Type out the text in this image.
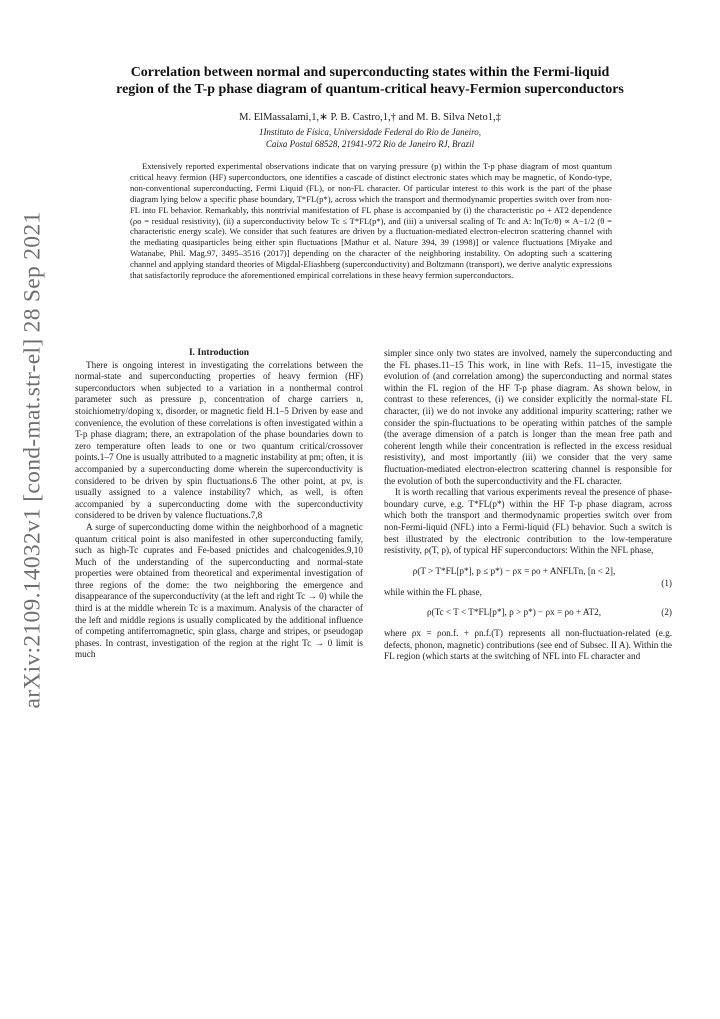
arXiv:2109.14032v1 [cond-mat.str-el] 28 Sep 2021
Correlation between normal and superconducting states within the Fermi-liquid
region of the T-p phase diagram of quantum-critical heavy-Fermion superconductors
M. ElMassalami,1,∗ P. B. Castro,1,† and M. B. Silva Neto1,‡
1Instituto de Física, Universidade Federal do Rio de Janeiro,
Caixa Postal 68528, 21941-972 Rio de Janeiro RJ, Brazil

Extensively reported experimental observations indicate that on varying pressure (p) within the T-p phase diagram of most quantum critical heavy fermion (HF) superconductors, one identifies a cascade of distinct electronic states which may be magnetic, of Kondo-type, non-conventional superconducting, Fermi Liquid (FL), or non-FL character. Of particular interest to this work is the part of the phase diagram lying below a specific phase boundary, T*FL(p*), across which the transport and thermodynamic properties switch over from non-FL into FL behavior. Remarkably, this nontrivial manifestation of FL phase is accompanied by (i) the characteristic ρo + AT2 dependence (ρo = residual resistivity), (ii) a superconductivity below Tc ≤ T*FL(p*), and (iii) a universal scaling of Tc and A: ln(Tc/θ) ∝ A−1/2 (θ = characteristic energy scale). We consider that such features are driven by a fluctuation-mediated electron-electron scattering channel with the mediating quasiparticles being either spin fluctuations [Mathur et al. Nature 394, 39 (1998)] or valence fluctuations [Miyake and Watanabe, Phil. Mag.97, 3495–3516 (2017)] depending on the character of the neighboring instability. On adopting such a scattering channel and applying standard theories of Migdal-Eliashberg (superconductivity) and Boltzmann (transport), we derive analytic expressions that satisfactorily reproduce the aforementioned empirical correlations in these heavy fermion superconductors.

I. Introduction

There is ongoing interest in investigating the correlations between the normal-state and superconducting properties of heavy fermion (HF) superconductors when subjected to a variation in a nonthermal control parameter such as pressure p, concentration of charge carriers n, stoichiometry/doping x, disorder, or magnetic field H.1–5 Driven by ease and convenience, the evolution of these correlations is often investigated within a T-p phase diagram; there, an extrapolation of the phase boundaries down to zero temperature often leads to one or two quantum critical/crossover points.1–7 One is usually attributed to a magnetic instability at pm; often, it is accompanied by a superconducting dome wherein the superconductivity is considered to be driven by spin fluctuations.6 The other point, at pv, is usually assigned to a valence instability7 which, as well, is often accompanied by a superconducting dome with the superconductivity considered to be driven by valence fluctuations.7,8

A surge of superconducting dome within the neighborhood of a magnetic quantum critical point is also manifested in other superconducting family, such as high-Tc cuprates and Fe-based pnictides and chalcogenides.9,10 Much of the understanding of the superconducting and normal-state properties were obtained from theoretical and experimental investigation of three regions of the dome: the two neighboring the emergence and disappearance of the superconductivity (at the left and right Tc → 0) while the third is at the middle wherein Tc is a maximum. Analysis of the character of the left and middle regions is usually complicated by the additional influence of competing antiferromagnetic, spin glass, charge and stripes, or pseudogap phases. In contrast, investigation of the region at the right Tc → 0 limit is much

simpler since only two states are involved, namely the superconducting and the FL phases.11–15 This work, in line with Refs. 11–15, investigate the evolution of (and correlation among) the superconducting and normal states within the FL region of the HF T-p phase diagram. As shown below, in contrast to these references, (i) we consider explicitly the normal-state FL character, (ii) we do not invoke any additional impurity scattering; rather we consider the spin-fluctuations to be operating within patches of the sample (the average dimension of a patch is longer than the mean free path and coherent length while their concentration is reflected in the excess residual resistivity), and most importantly (iii) we consider that the very same fluctuation-mediated electron-electron scattering channel is responsible for the evolution of both the superconductivity and the FL character.

It is worth recalling that various experiments reveal the presence of phase-boundary curve, e.g. T*FL(p*) within the HF T-p phase diagram, across which both the transport and thermodynamic properties switch over from non-Fermi-liquid (NFL) into a Fermi-liquid (FL) behavior. Such a switch is best illustrated by the electronic contribution to the low-temperature resistivity, ρ(T, p), of typical HF superconductors: Within the NFL phase,

ρ(T > T*FL[p*], p ≤ p*) − ρx = ρo + ANFLTn, [n < 2],
(1)

while within the FL phase,

ρ(Tc < T < T*FL[p*], p > p*) − ρx = ρo + AT2,	(2)

where ρx = ρon.f. + ρn.f.(T) represents all non-fluctuation-related (e.g. defects, phonon, magnetic) contributions (see end of Subsec. II A). Within the FL region (which starts at the switching of NFL into FL character and
